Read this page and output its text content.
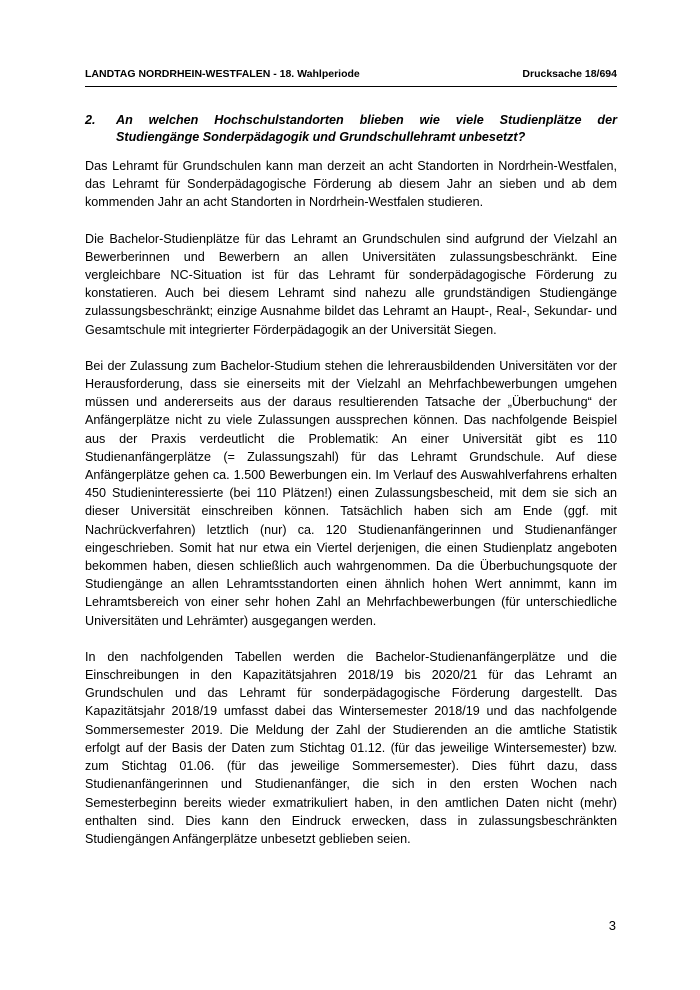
LANDTAG NORDRHEIN-WESTFALEN - 18. Wahlperiode	Drucksache 18/694
2. An welchen Hochschulstandorten blieben wie viele Studienplätze der Studiengänge Sonderpädagogik und Grundschullehramt unbesetzt?

Das Lehramt für Grundschulen kann man derzeit an acht Standorten in Nordrhein-Westfalen, das Lehramt für Sonderpädagogische Förderung ab diesem Jahr an sieben und ab dem kommenden Jahr an acht Standorten in Nordrhein-Westfalen studieren.

Die Bachelor-Studienplätze für das Lehramt an Grundschulen sind aufgrund der Vielzahl an Bewerberinnen und Bewerbern an allen Universitäten zulassungsbeschränkt. Eine vergleichbare NC-Situation ist für das Lehramt für sonderpädagogische Förderung zu konstatieren. Auch bei diesem Lehramt sind nahezu alle grundständigen Studiengänge zulassungsbeschränkt; einzige Ausnahme bildet das Lehramt an Haupt-, Real-, Sekundar- und Gesamtschule mit integrierter Förderpädagogik an der Universität Siegen.

Bei der Zulassung zum Bachelor-Studium stehen die lehrerausbildenden Universitäten vor der Herausforderung, dass sie einerseits mit der Vielzahl an Mehrfachbewerbungen umgehen müssen und andererseits aus der daraus resultierenden Tatsache der „Überbuchung“ der Anfängerplätze nicht zu viele Zulassungen aussprechen können. Das nachfolgende Beispiel aus der Praxis verdeutlicht die Problematik: An einer Universität gibt es 110 Studienanfängerplätze (= Zulassungszahl) für das Lehramt Grundschule. Auf diese Anfängerplätze gehen ca. 1.500 Bewerbungen ein. Im Verlauf des Auswahlverfahrens erhalten 450 Studieninteressierte (bei 110 Plätzen!) einen Zulassungsbescheid, mit dem sie sich an dieser Universität einschreiben können. Tatsächlich haben sich am Ende (ggf. mit Nachrückverfahren) letztlich (nur) ca. 120 Studienanfängerinnen und Studienanfänger eingeschrieben. Somit hat nur etwa ein Viertel derjenigen, die einen Studienplatz angeboten bekommen haben, diesen schließlich auch wahrgenommen. Da die Überbuchungsquote der Studiengänge an allen Lehramtsstandorten einen ähnlich hohen Wert annimmt, kann im Lehramtsbereich von einer sehr hohen Zahl an Mehrfachbewerbungen (für unterschiedliche Universitäten und Lehrämter) ausgegangen werden.

In den nachfolgenden Tabellen werden die Bachelor-Studienanfängerplätze und die Einschreibungen in den Kapazitätsjahren 2018/19 bis 2020/21 für das Lehramt an Grundschulen und das Lehramt für sonderpädagogische Förderung dargestellt. Das Kapazitätsjahr 2018/19 umfasst dabei das Wintersemester 2018/19 und das nachfolgende Sommersemester 2019. Die Meldung der Zahl der Studierenden an die amtliche Statistik erfolgt auf der Basis der Daten zum Stichtag 01.12. (für das jeweilige Wintersemester) bzw. zum Stichtag 01.06. (für das jeweilige Sommersemester). Dies führt dazu, dass Studienanfängerinnen und Studienanfänger, die sich in den ersten Wochen nach Semesterbeginn bereits wieder exmatrikuliert haben, in den amtlichen Daten nicht (mehr) enthalten sind. Dies kann den Eindruck erwecken, dass in zulassungsbeschränkten Studiengängen Anfängerplätze unbesetzt geblieben seien.

3
